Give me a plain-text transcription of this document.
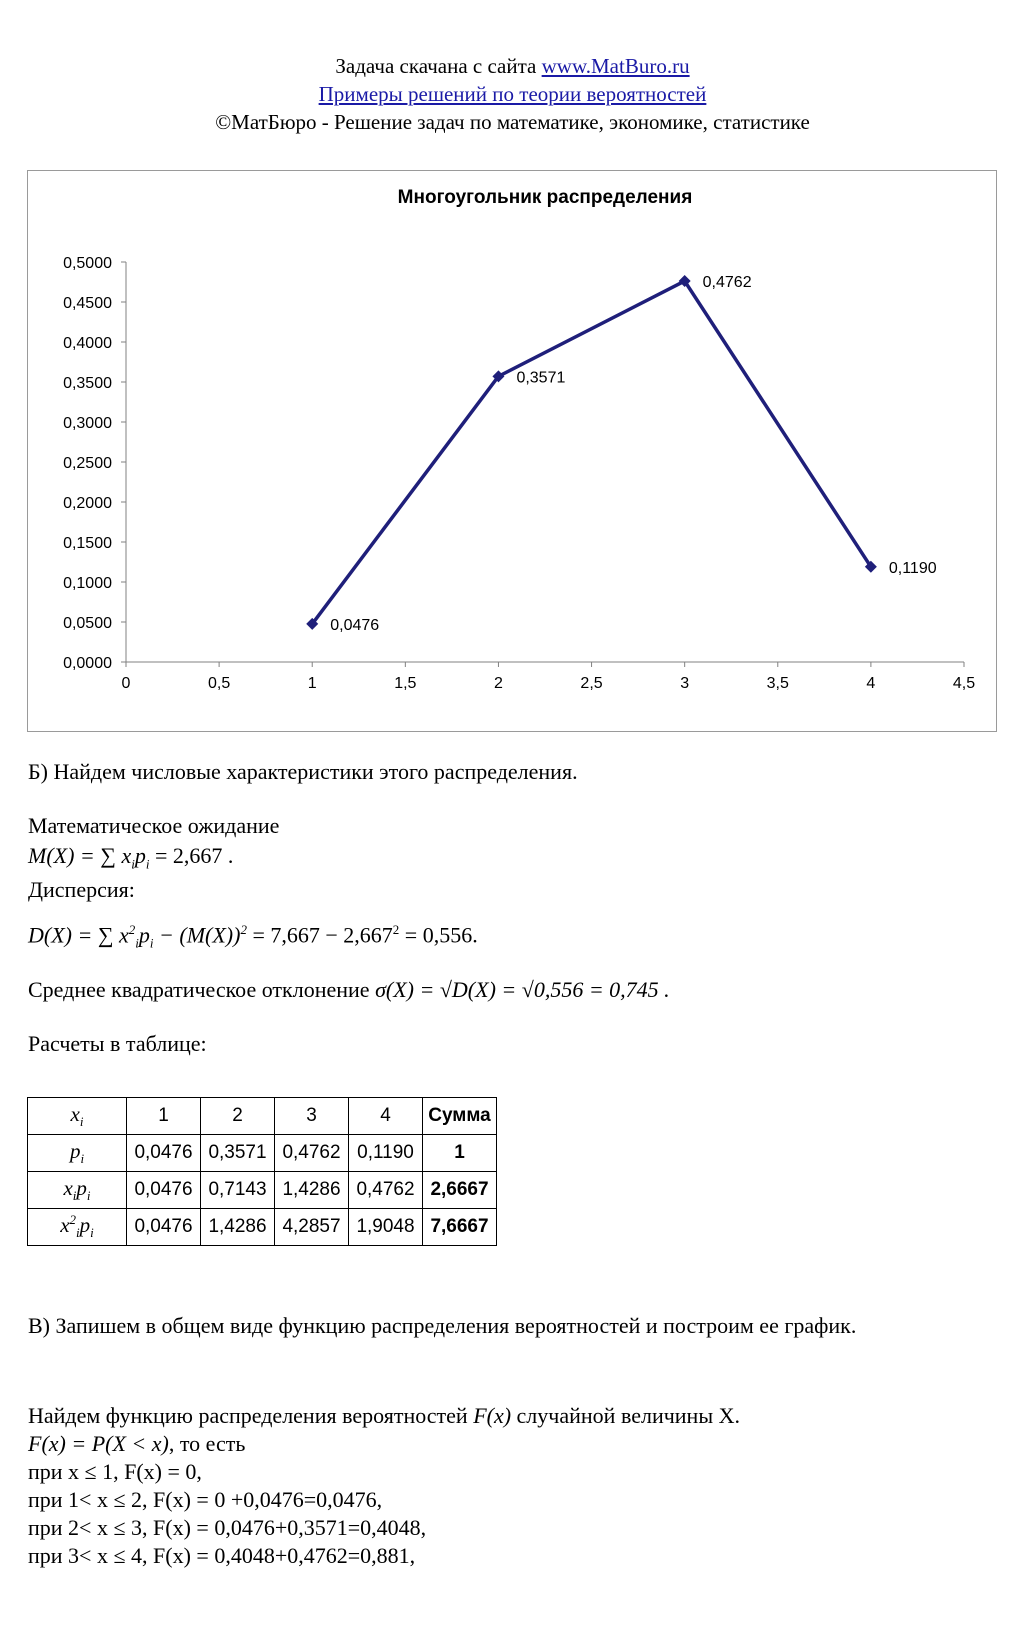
Задача скачана с сайта www.MatBuro.ru
Примеры решений по теории вероятностей
©МатБюро - Решение задач по математике, экономике, статистике
Многоугольник распределения
0,0000
0,0500
0,1000
0,1500
0,2000
0,2500
0,3000
0,3500
0,4000
0,4500
0,5000
0	0,5	1	1,5	2	2,5	3	3,5	4	4,5
0,0476
0,3571
0,4762
0,1190
Б) Найдем числовые характеристики этого распределения.
Математическое ожидание
M(X) = ∑ $x_ip_i = 2,667$ .
Дисперсия:
D(X) = ∑ $x^2_ip_i - (M(X))^2 = 7,667 - 2,667^2 = 0,556$.
Среднее квадратическое отклонение σ(X) = √D(X) = √0,556 = 0,745 .
Расчеты в таблице:
$x_i$	1	2	3	4	Сумма
$p_i$	0,0476	0,3571	0,4762	0,1190	1
$x_ip_i$	0,0476	0,7143	1,4286	0,4762	2,6667
$x^2_ip_i$	0,0476	1,4286	4,2857	1,9048	7,6667
В) Запишем в общем виде функцию распределения вероятностей и построим ее график.
Найдем функцию распределения вероятностей F(x) случайной величины X.
F(x) = P(X < x), то есть
при x ≤ 1, F(x) = 0,
при 1< x ≤ 2, F(x) = 0 +0,0476=0,0476,
при 2< x ≤ 3, F(x) = 0,0476+0,3571=0,4048,
при 3< x ≤ 4, F(x) = 0,4048+0,4762=0,881,
